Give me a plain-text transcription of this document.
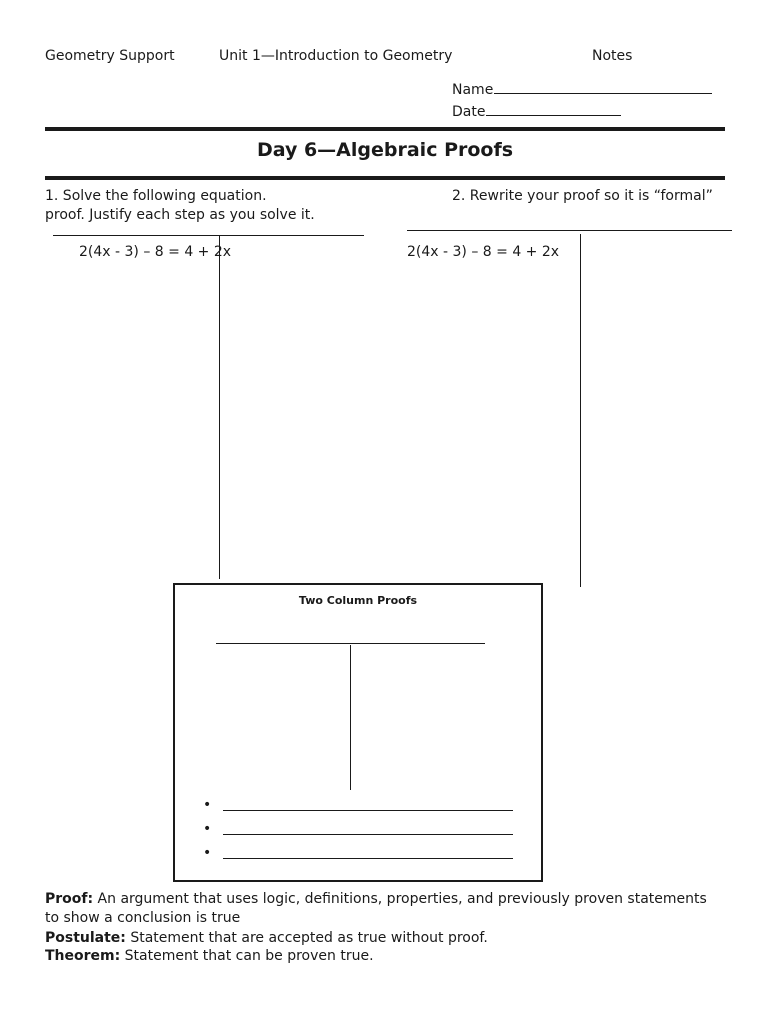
Geometry Support	Unit 1—Introduction to Geometry	Notes
Name
Date
Day 6—Algebraic Proofs
1. Solve the following equation.
proof. Justify each step as you solve it.
2(4x - 3) – 8 = 4 + 2x
2. Rewrite your proof so it is “formal”
2(4x - 3) – 8 = 4 + 2x
Two Column Proofs
•
•
•
Proof: An argument that uses logic, definitions, properties, and previously proven statements
to show a conclusion is true
Postulate: Statement that are accepted as true without proof.
Theorem: Statement that can be proven true.
